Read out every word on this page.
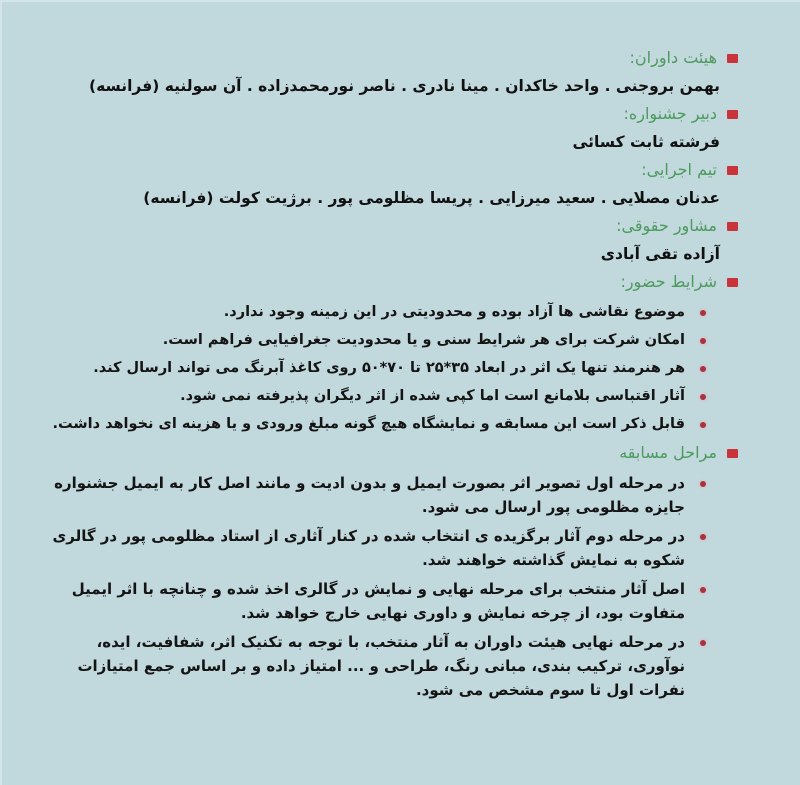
هیئت داوران:
بهمن بروجنی . واحد خاکدان . مینا نادری . ناصر نورمحمدزاده . آن سولنیه (فرانسه)
دبیر جشنواره:
فرشته ثابت کسائی
تیم اجرایی:
عدنان مصلایی . سعید میرزایی . پریسا مظلومی پور . برژیت کولت (فرانسه)
مشاور حقوقی:
آزاده تقی آبادی
شرایط حضور:
موضوع نقاشی ها آزاد بوده و محدودیتی در این زمینه وجود ندارد.
امکان شرکت برای هر شرایط سنی و یا محدودیت جغرافیایی فراهم است.
هر هنرمند تنها یک اثر در ابعاد ۳۵*۲۵ تا ۷۰*۵۰ روی کاغذ آبرنگ می تواند ارسال کند.
آثار اقتباسی بلامانع است اما کپی شده از اثر دیگران پذیرفته نمی شود.
قابل ذکر است این مسابقه و نمایشگاه هیچ گونه مبلغ ورودی و یا هزینه ای نخواهد داشت.
مراحل مسابقه
در مرحله اول تصویر اثر بصورت ایمیل و بدون ادیت و مانند اصل کار به ایمیل جشنواره جایزه مظلومی پور ارسال می شود.
در مرحله دوم آثار برگزیده ی انتخاب شده در کنار آثاری از استاد مظلومی پور در گالری شکوه به نمایش گذاشته خواهند شد.
اصل آثار منتخب برای مرحله نهایی و نمایش در گالری اخذ شده و چنانچه با اثر ایمیل متفاوت بود، از چرخه نمایش و داوری نهایی خارج خواهد شد.
در مرحله نهایی هیئت داوران به آثار منتخب، با توجه به تکنیک اثر، شفافیت، ایده، نوآوری، ترکیب بندی، مبانی رنگ، طراحی و ... امتیاز داده و بر اساس جمع امتیازات نفرات اول تا سوم مشخص می شود.
